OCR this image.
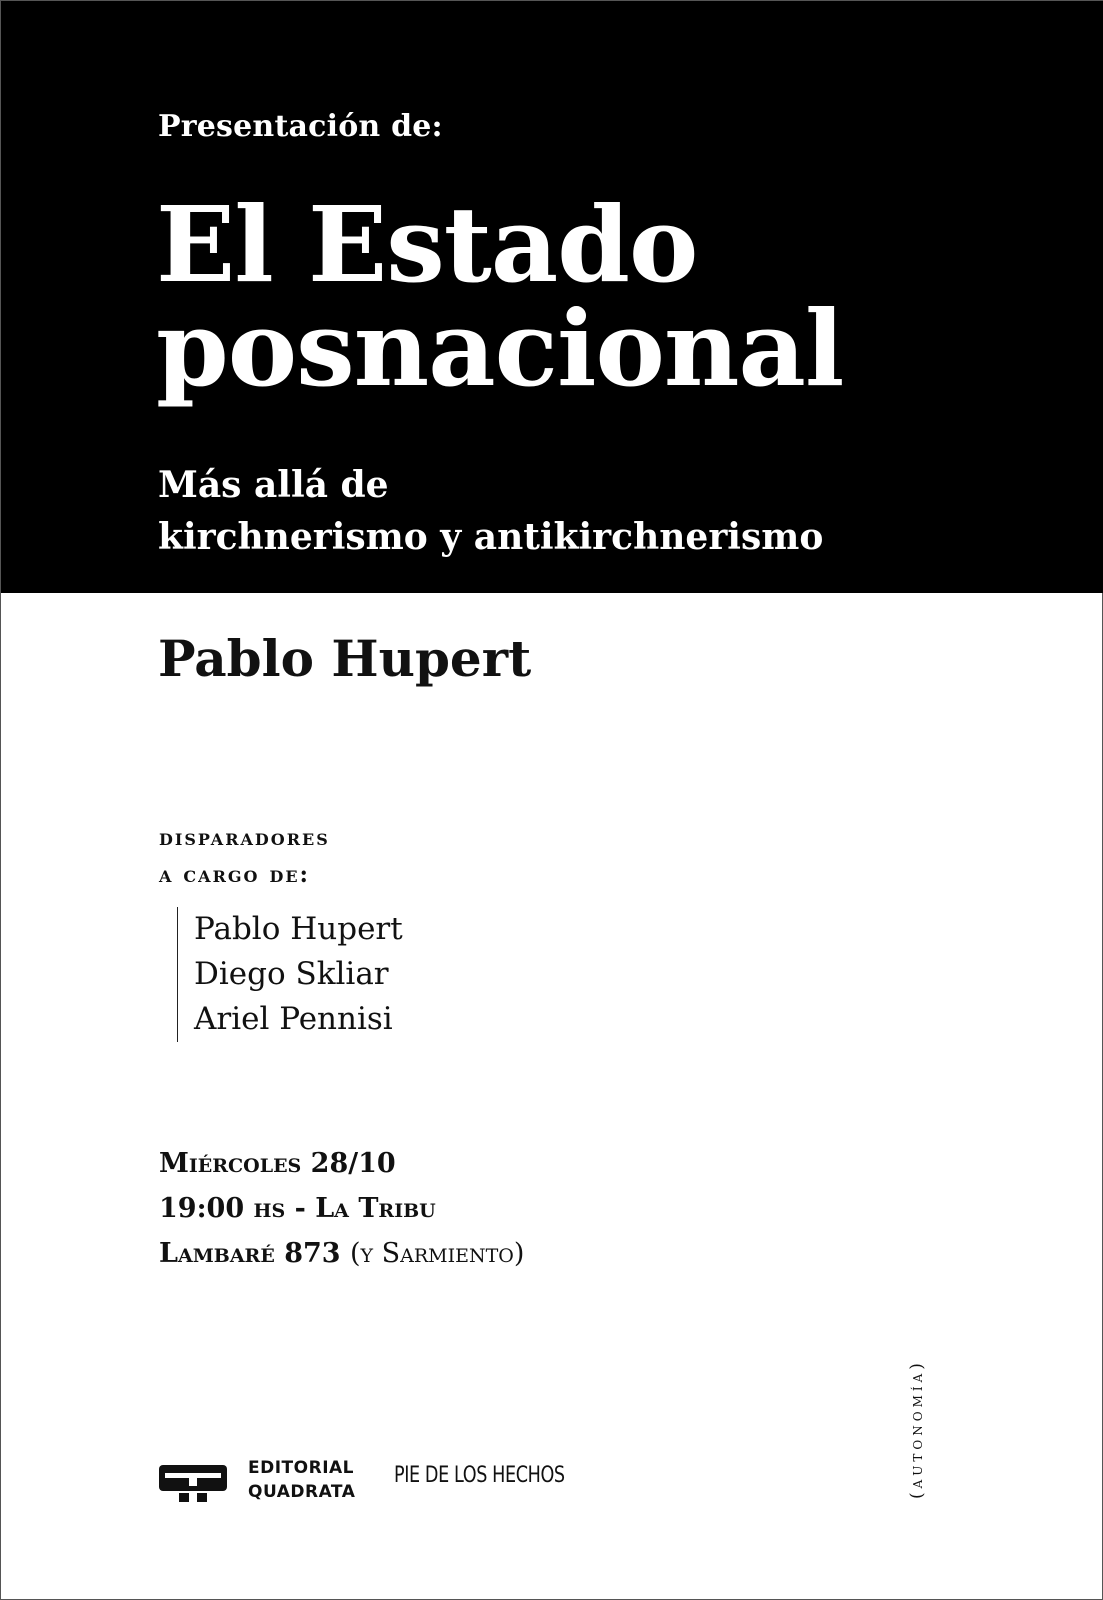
Presentación de:
El Estado
posnacional
Más allá de
kirchnerismo y antikirchnerismo
Pablo Hupert
disparadores
a cargo de:
Pablo Hupert
Diego Skliar
Ariel Pennisi
Miércoles 28/10
19:00 hs - La Tribu
Lambaré 873 (y Sarmiento)
EDITORIAL
QUADRATA
PIE DE LOS HECHOS	(autonomía)
